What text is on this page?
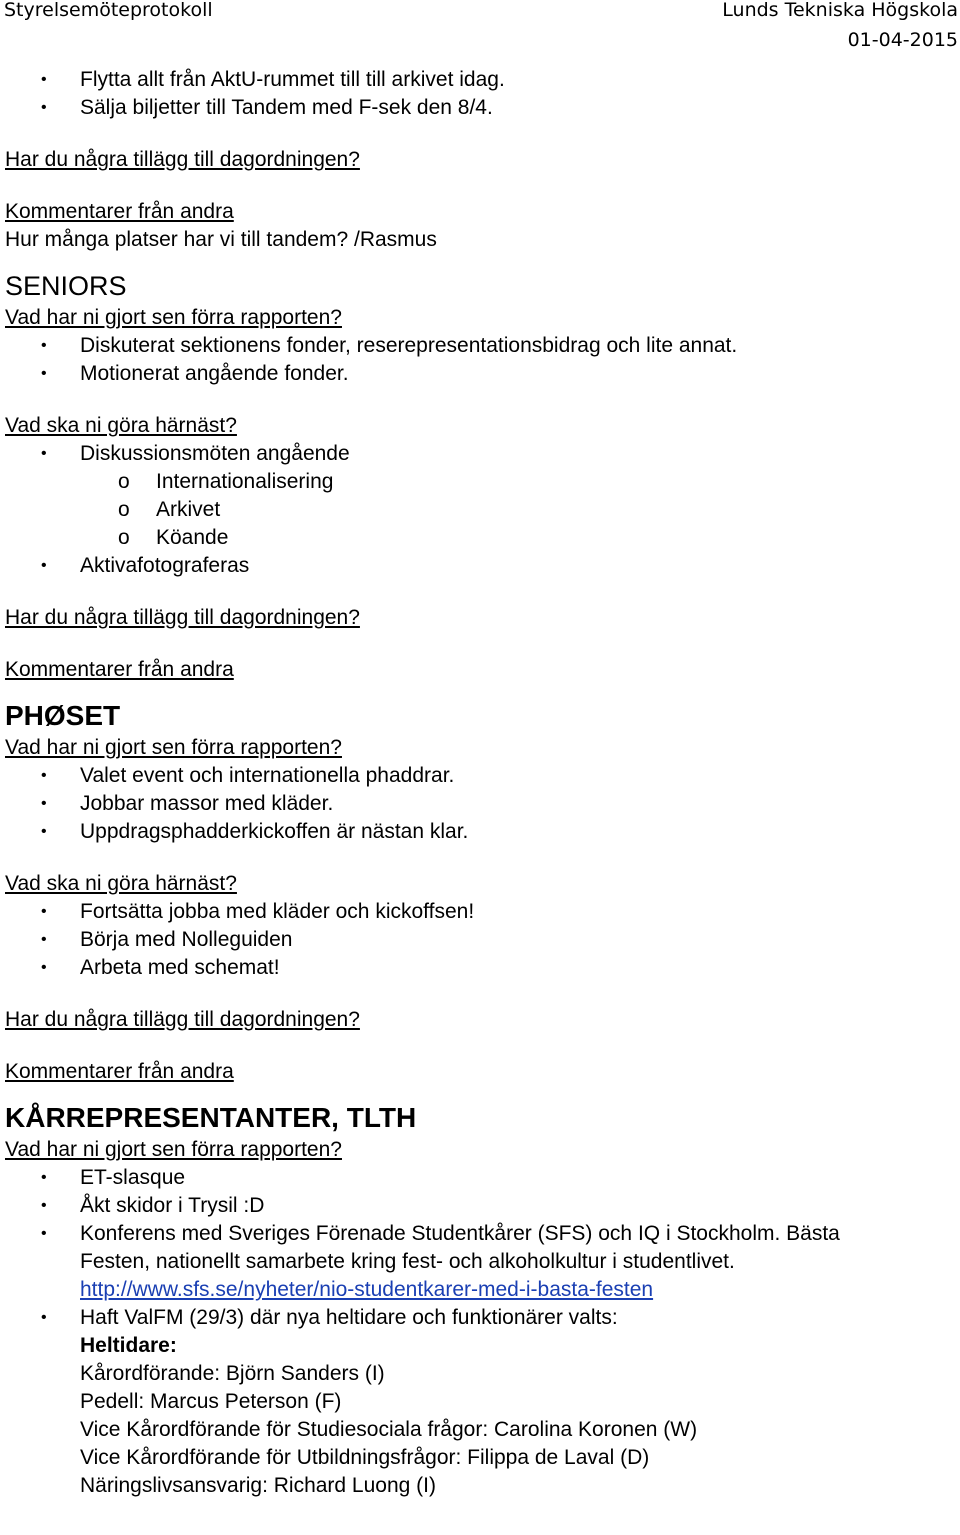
Styrelsemöteprotokoll	Lunds Tekniska Högskola
01-04-2015
• Flytta allt från AktU-rummet till till arkivet idag.
• Sälja biljetter till Tandem med F-sek den 8/4.
Har du några tillägg till dagordningen?
Kommentarer från andra
Hur många platser har vi till tandem? /Rasmus
SENIORS
Vad har ni gjort sen förra rapporten?
• Diskuterat sektionens fonder, reserepresentationsbidrag och lite annat.
• Motionerat angående fonder.
Vad ska ni göra härnäst?
• Diskussionsmöten angående
o Internationalisering
o Arkivet
o Köande
• Aktivafotograferas
Har du några tillägg till dagordningen?
Kommentarer från andra
PHØSET
Vad har ni gjort sen förra rapporten?
• Valet event och internationella phaddrar.
• Jobbar massor med kläder.
• Uppdragsphadderkickoffen är nästan klar.
Vad ska ni göra härnäst?
• Fortsätta jobba med kläder och kickoffsen!
• Börja med Nolleguiden
• Arbeta med schemat!
Har du några tillägg till dagordningen?
Kommentarer från andra
KÅRREPRESENTANTER, TLTH
Vad har ni gjort sen förra rapporten?
• ET-slasque
• Åkt skidor i Trysil :D
• Konferens med Sveriges Förenade Studentkårer (SFS) och IQ i Stockholm. Bästa
Festen, nationellt samarbete kring fest- och alkoholkultur i studentlivet.
http://www.sfs.se/nyheter/nio-studentkarer-med-i-basta-festen
• Haft ValFM (29/3) där nya heltidare och funktionärer valts:
Heltidare:
Kårordförande: Björn Sanders (I)
Pedell: Marcus Peterson (F)
Vice Kårordförande för Studiesociala frågor: Carolina Koronen (W)
Vice Kårordförande för Utbildningsfrågor: Filippa de Laval (D)
Näringslivsansvarig: Richard Luong (I)
